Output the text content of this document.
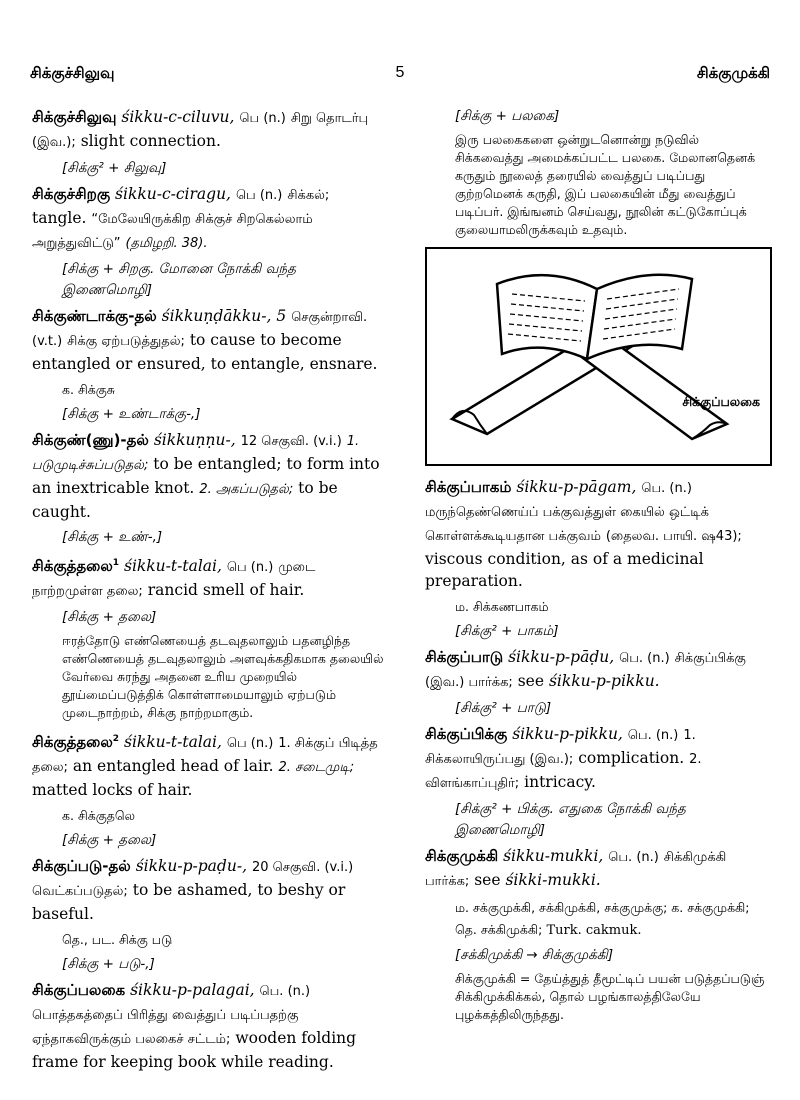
சிக்குச்சிலுவு	5	சிக்குமுக்கி
சிக்குச்சிலுவு śikku-c-ciluvu, பெ (n.) சிறு தொடர்பு (இவ.); slight connection.
[சிக்கு² + சிலுவு]
சிக்குச்சிறகு śikku-c-ciragu, பெ (n.) சிக்கல்; tangle. “மேலேயிருக்கிற சிக்குச் சிறகெல்லாம் அறுத்துவிட்டு” (தமிழறி. 38).
[சிக்கு + சிறகு. மோனை நோக்கி வந்த இணைமொழி]
சிக்குண்டாக்கு-தல் śikkuṇḍākku-, 5 செகுன்றாவி. (v.t.) சிக்கு ஏற்படுத்துதல்; to cause to become entangled or ensured, to entangle, ensnare.
க. சிக்குசு
[சிக்கு + உண்டாக்கு-,]
சிக்குண்(ணு)-தல் śikkuṇṇu-, 12 செகுவி. (v.i.) 1. படுமுடிச்சுப்படுதல்; to be entangled; to form into an inextricable knot. 2. அகப்படுதல்; to be caught.
[சிக்கு + உண்-,]
சிக்குத்தலை$^1$ śikku-t-talai, பெ (n.) முடை நாற்றமுள்ள தலை; rancid smell of hair.
[சிக்கு + தலை]
ஈரத்தோடு எண்ணெயைத் தடவுதலாலும் பதனழிந்த எண்ணெயைத் தடவுதலாலும் அளவுக்கதிகமாக தலையில் வேர்வை சுரந்து அதனை உரிய முறையில் தூய்மைப்படுத்திக் கொள்ளாமையாலும் ஏற்படும் முடைநாற்றம், சிக்கு நாற்றமாகும்.
சிக்குத்தலை$^2$ śikku-t-talai, பெ (n.) 1. சிக்குப் பிடித்த தலை; an entangled head of lair. 2. சடைமுடி; matted locks of hair.
க. சிக்குதலெ
[சிக்கு + தலை]
சிக்குப்படு-தல் śikku-p-paḍu-, 20 செகுவி. (v.i.) வெட்கப்படுதல்; to be ashamed, to beshy or baseful.
தெ., பட. சிக்கு படு
[சிக்கு + படு-,]
சிக்குப்பலகை śikku-p-palagai, பெ. (n.) பொத்தகத்தைப் பிரித்து வைத்துப் படிப்பதற்கு ஏந்தாகவிருக்கும் பலகைச் சட்டம்; wooden folding frame for keeping book while reading.
[சிக்கு + பலகை]
இரு பலகைகளை ஒன்றுடனொன்று நடுவில் சிக்கவைத்து அமைக்கப்பட்ட பலகை. மேலானதெனக் கருதும் நூலைத் தரையில் வைத்துப் படிப்பது குற்றமெனக் கருதி, இப் பலகையின் மீது வைத்துப் படிப்பர். இங்ஙனம் செய்வது, நூலின் கட்டுகோப்புக் குலையாமலிருக்கவும் உதவும்.
சிக்குப்பலகை
சிக்குப்பாகம் śikku-p-pāgam, பெ. (n.) மருந்தெண்ணெய்ப் பக்குவத்துள் கையில் ஒட்டிக் கொள்ளக்கூடியதான பக்குவம் (தைலவ. பாயி. ஷ43); viscous condition, as of a medicinal preparation.
ம. சிக்கணபாகம்
[சிக்கு² + பாகம்]
சிக்குப்பாடு śikku-p-pāḍu, பெ. (n.) சிக்குப்பிக்கு (இவ.) பார்க்க; see śikku-p-pikku.
[சிக்கு² + பாடு]
சிக்குப்பிக்கு śikku-p-pikku, பெ. (n.) 1. சிக்கலாயிருப்பது (இவ.); complication. 2. விளங்காப்புதிர்; intricacy.
[சிக்கு² + பிக்கு. எதுகை நோக்கி வந்த இணைமொழி]
சிக்குமுக்கி śikku-mukki, பெ. (n.) சிக்கிமுக்கி பார்க்க; see śikki-mukki.
ம. சக்குமுக்கி, சக்கிமுக்கி, சக்குமுக்கு; க. சக்குமுக்கி; தெ. சக்கிமுக்கி; Turk. cakmuk.
[சக்கிமுக்கி → சிக்குமுக்கி]
சிக்குமுக்கி = தேய்த்துத் தீமூட்டிப் பயன் படுத்தப்படுஞ் சிக்கிமுக்கிக்கல், தொல் பழங்காலத்திலேயே புழக்கத்திலிருந்தது.
